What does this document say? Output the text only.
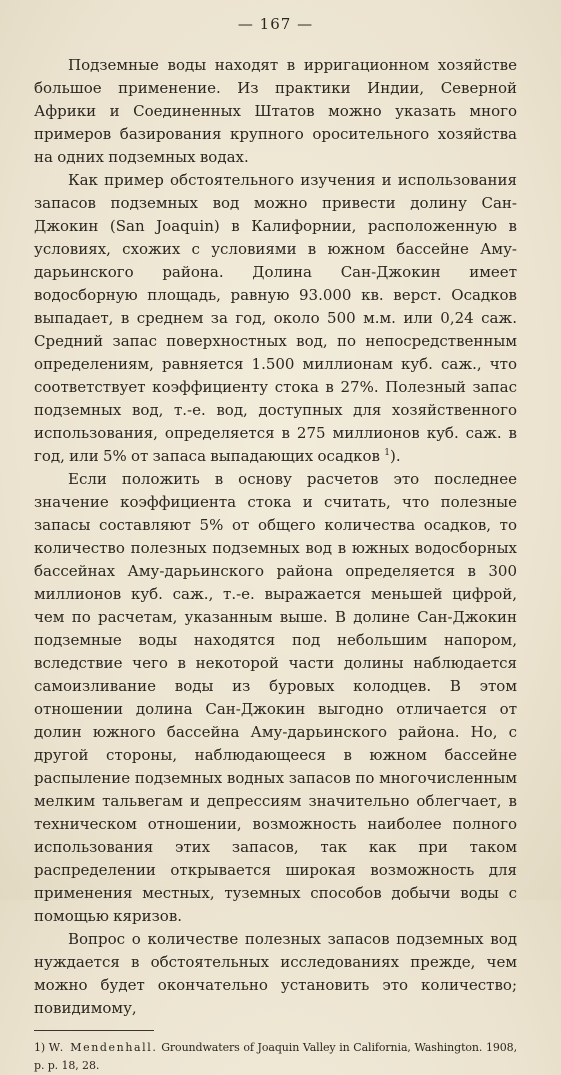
— 167 —

Подземные воды находят в ирригационном хозяйстве большое применение. Из практики Индии, Северной Африки и Соединенных Штатов можно указать много примеров базирования крупного оросительного хозяйства на одних подземных водах.

Как пример обстоятельного изучения и использования запасов подземных вод можно привести долину Сан-Джокин (San Joaquin) в Калифорнии, расположенную в условиях, схожих с условиями в южном бассейне Аму-дарьинского района. Долина Сан-Джокин имеет водосборную площадь, равную 93.000 кв. верст. Осадков выпадает, в среднем за год, около 500 м.м. или 0,24 саж. Средний запас поверхностных вод, по непосредственным определениям, равняется 1.500 миллионам куб. саж., что соответствует коэффициенту стока в 27%. Полезный запас подземных вод, т.-е. вод, доступных для хозяйственного использования, определяется в 275 миллионов куб. саж. в год, или 5% от запаса выпадающих осадков $^1$).

Если положить в основу расчетов это последнее значение коэффициента стока и считать, что полезные запасы составляют 5% от общего количества осадков, то количество полезных подземных вод в южных водосборных бассейнах Аму-дарьинского района определяется в 300 миллионов куб. саж., т.-е. выражается меньшей цифрой, чем по расчетам, указанным выше. В долине Сан-Джокин подземные воды находятся под небольшим напором, вследствие чего в некоторой части долины наблюдается самоизливание воды из буровых колодцев. В этом отношении долина Сан-Джокин выгодно отличается от долин южного бассейна Аму-дарьинского района. Но, с другой стороны, наблюдающееся в южном бассейне распыление подземных водных запасов по многочисленным мелким тальвегам и депрессиям значительно облегчает, в техническом отношении, возможность наиболее полного использования этих запасов, так как при таком распределении открывается широкая возможность для применения местных, туземных способов добычи воды с помощью кяризов.

Вопрос о количестве полезных запасов подземных вод нуждается в обстоятельных исследованиях прежде, чем можно будет окончательно установить это количество; повидимому,

1) W. Mendenhall. Groundwaters of Joaquin Valley in California, Washington. 1908, p. p. 18, 28.
